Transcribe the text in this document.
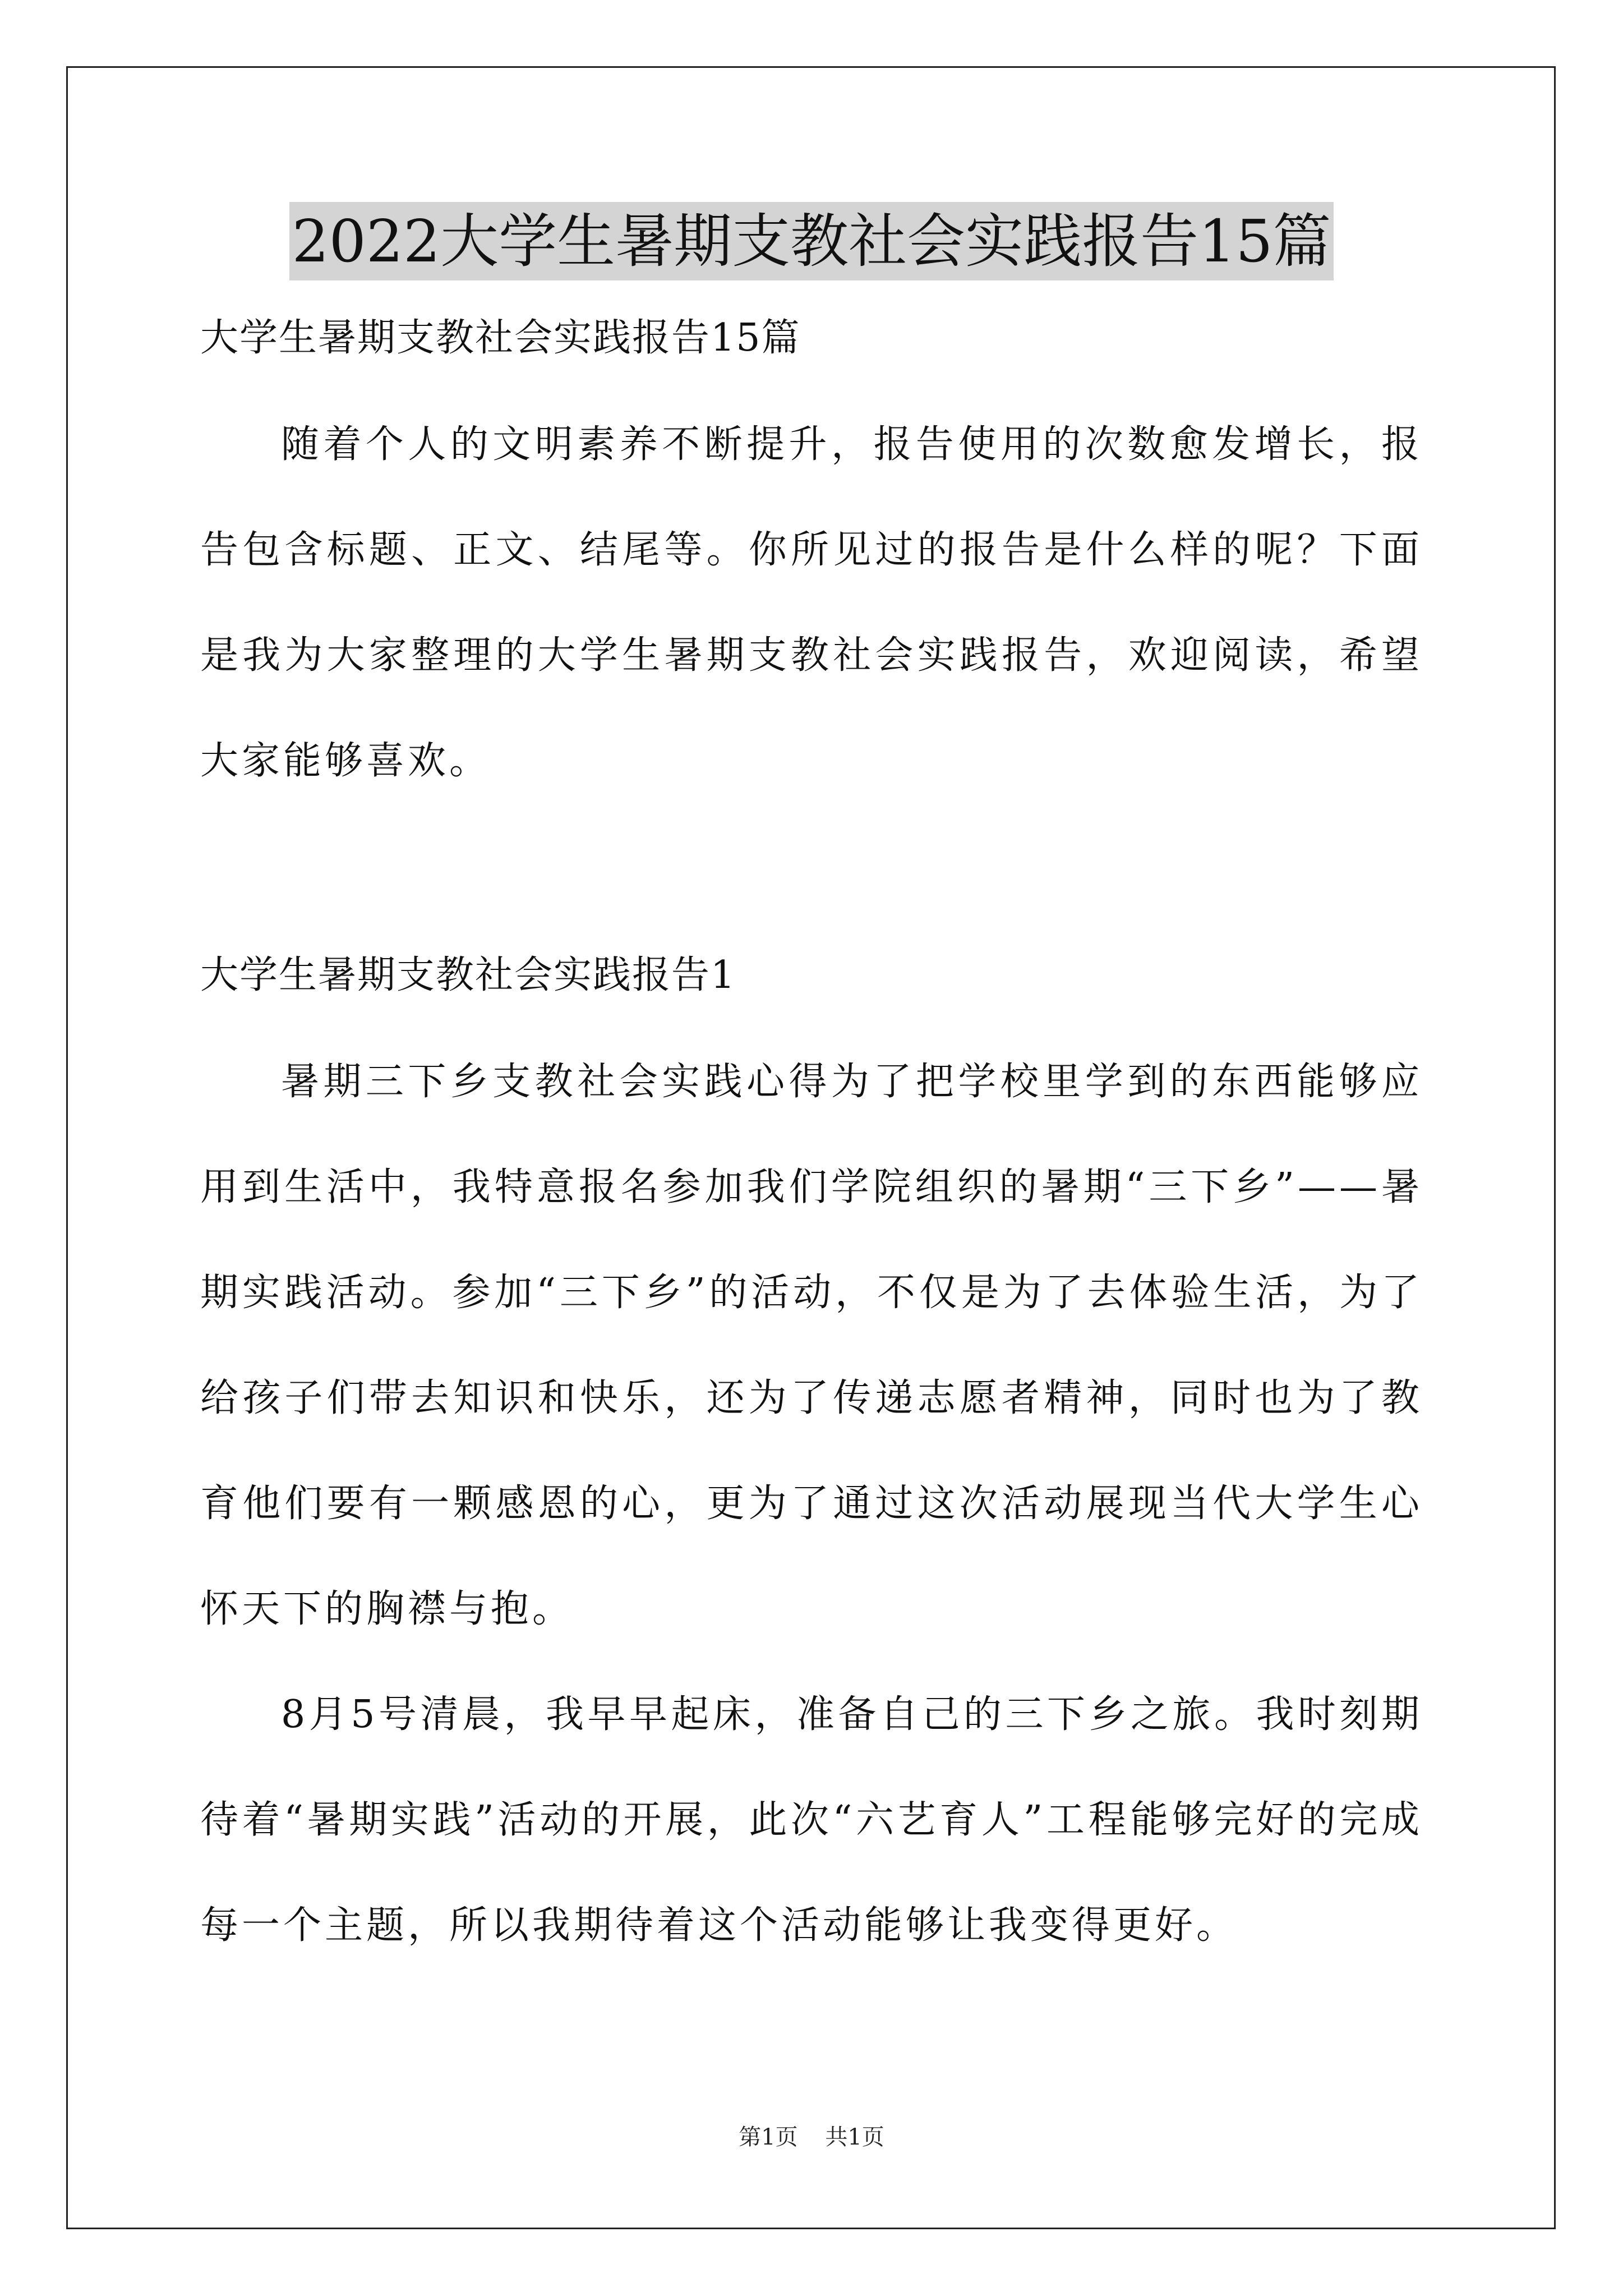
2022大学生暑期支教社会实践报告15篇

大学生暑期支教社会实践报告15篇

随着个人的文明素养不断提升，报告使用的次数愈发增长，报告包含标题、正文、结尾等。你所见过的报告是什么样的呢？下面是我为大家整理的大学生暑期支教社会实践报告，欢迎阅读，希望大家能够喜欢。

大学生暑期支教社会实践报告1

暑期三下乡支教社会实践心得为了把学校里学到的东西能够应用到生活中，我特意报名参加我们学院组织的暑期“三下乡”——暑期实践活动。参加“三下乡”的活动，不仅是为了去体验生活，为了给孩子们带去知识和快乐，还为了传递志愿者精神，同时也为了教育他们要有一颗感恩的心，更为了通过这次活动展现当代大学生心怀天下的胸襟与抱。

8月5号清晨，我早早起床，准备自己的三下乡之旅。我时刻期待着“暑期实践”活动的开展，此次“六艺育人”工程能够完好的完成每一个主题，所以我期待着这个活动能够让我变得更好。

第1页 共1页
